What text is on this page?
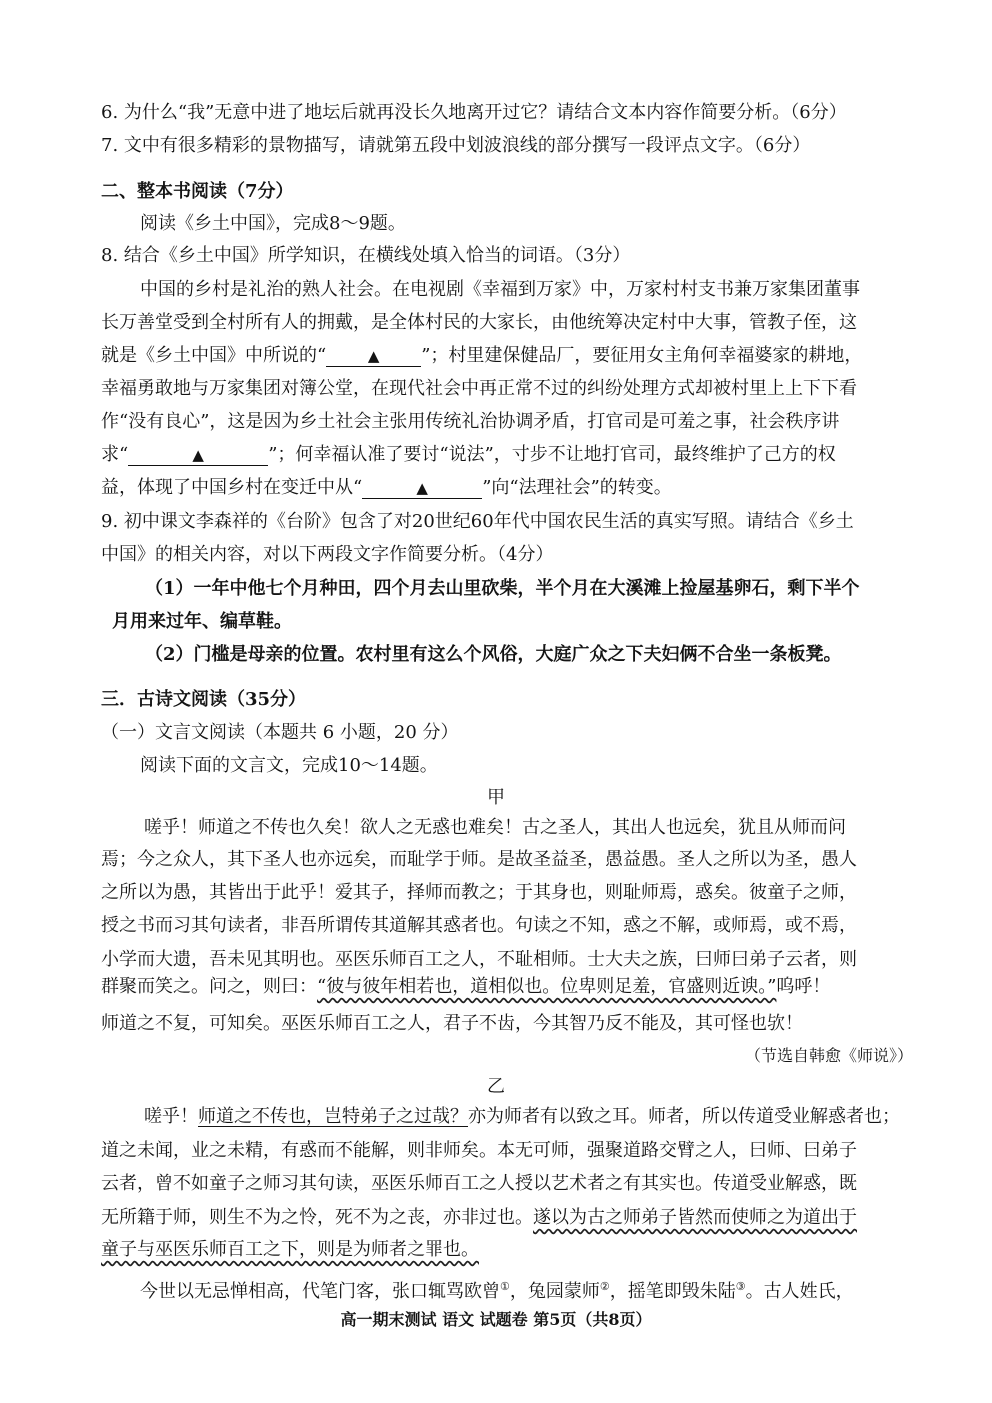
6. 为什么“我”无意中进了地坛后就再没长久地离开过它？请结合文本内容作简要分析。（6分）
7. 文中有很多精彩的景物描写，请就第五段中划波浪线的部分撰写一段评点文字。（6分）
二、整本书阅读（7分）
阅读《乡土中国》，完成8～9题。
8. 结合《乡土中国》所学知识，在横线处填入恰当的词语。（3分）
中国的乡村是礼治的熟人社会。在电视剧《幸福到万家》中，万家村村支书兼万家集团董事
长万善堂受到全村所有人的拥戴，是全体村民的大家长，由他统筹决定村中大事，管教子侄，这
就是《乡土中国》中所说的“	▲ ”；村里建保健品厂，要征用女主角何幸福婆家的耕地，
幸福勇敢地与万家集团对簿公堂，在现代社会中再正常不过的纠纷处理方式却被村里上上下下看
作“没有良心”，这是因为乡土社会主张用传统礼治协调矛盾，打官司是可羞之事，社会秩序讲
求“	▲	”；何幸福认准了要讨“说法”，寸步不让地打官司，最终维护了己方的权
益，体现了中国乡村在变迁中从“	▲	”向“法理社会”的转变。
9. 初中课文李森祥的《台阶》包含了对20世纪60年代中国农民生活的真实写照。请结合《乡土
中国》的相关内容，对以下两段文字作简要分析。（4分）
（1）一年中他七个月种田，四个月去山里砍柴，半个月在大溪滩上捡屋基卵石，剩下半个
月用来过年、编草鞋。
（2）门槛是母亲的位置。农村里有这么个风俗，大庭广众之下夫妇俩不合坐一条板凳。
三．古诗文阅读（35分）
（一）文言文阅读（本题共 6 小题，20 分）
阅读下面的文言文，完成10～14题。
甲
嗟乎！师道之不传也久矣！欲人之无惑也难矣！古之圣人，其出人也远矣，犹且从师而问
焉；今之众人，其下圣人也亦远矣，而耻学于师。是故圣益圣，愚益愚。圣人之所以为圣，愚人
之所以为愚，其皆出于此乎！爱其子，择师而教之；于其身也，则耻师焉，惑矣。彼童子之师，
授之书而习其句读者，非吾所谓传其道解其惑者也。句读之不知，惑之不解，或师焉，或不焉，
小学而大遗，吾未见其明也。巫医乐师百工之人，不耻相师。士大夫之族，曰师曰弟子云者，则
群聚而笑之。问之，则曰：“彼与彼年相若也，道相似也。位卑则足羞，官盛则近谀。”呜呼！
师道之不复，可知矣。巫医乐师百工之人，君子不齿，今其智乃反不能及，其可怪也欤！
（节选自韩愈《师说》）
乙
嗟乎！师道之不传也，岂特弟子之过哉？亦为师者有以致之耳。师者，所以传道受业解惑者也；
道之未闻，业之未精，有惑而不能解，则非师矣。本无可师，强聚道路交臂之人，曰师、曰弟子
云者，曾不如童子之师习其句读，巫医乐师百工之人授以艺术者之有其实也。传道受业解惑，既
无所籍于师，则生不为之怜，死不为之丧，亦非过也。遂以为古之师弟子皆然而使师之为道出于
童子与巫医乐师百工之下，则是为师者之罪也。
今世以无忌惮相高，代笔门客，张口辄骂欧曾①，兔园蒙师②，摇笔即毁朱陆③。古人姓氏，
高一期末测试 语文 试题卷 第5页（共8页）
